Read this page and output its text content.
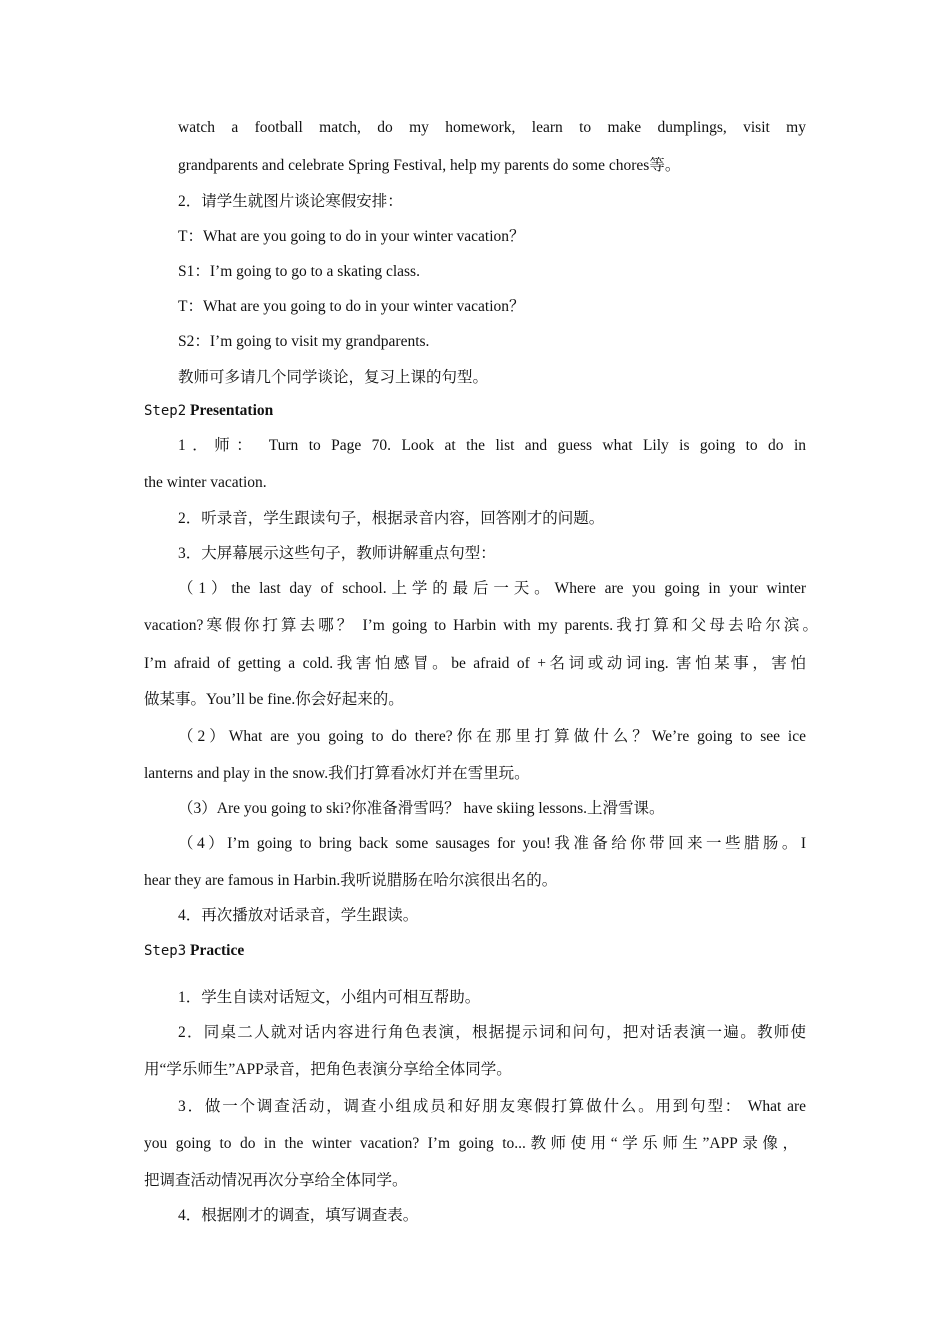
watch a football match, do my homework, learn to make dumplings, visit my
grandparents and celebrate Spring Festival, help my parents do some chores等。
2．请学生就图片谈论寒假安排：
T：What are you going to do in your winter vacation？
S1：I’m going to go to a skating class.
T：What are you going to do in your winter vacation？
S2：I’m going to visit my grandparents.
教师可多请几个同学谈论，复习上课的句型。
Step2 Presentation
1．师： Turn to Page 70. Look at the list and guess what Lily is going to do in
the winter vacation.
2．听录音，学生跟读句子，根据录音内容，回答刚才的问题。
3．大屏幕展示这些句子，教师讲解重点句型：
（1）the last day of school.上学的最后一天。Where are you going in your winter
vacation?寒假你打算去哪？ I’m going to Harbin with my parents.我打算和父母去哈尔滨。
I’m afraid of getting a cold.我害怕感冒。be afraid of +名词或动词ing. 害怕某事，害怕
做某事。You’ll be fine.你会好起来的。
（2）What are you going to do there?你在那里打算做什么？We’re going to see ice
lanterns and play in the snow.我们打算看冰灯并在雪里玩。
（3）Are you going to ski?你准备滑雪吗？ have skiing lessons.上滑雪课。
（4）I’m going to bring back some sausages for you!我准备给你带回来一些腊肠。I
hear they are famous in Harbin.我听说腊肠在哈尔滨很出名的。
4．再次播放对话录音，学生跟读。
Step3 Practice
1．学生自读对话短文，小组内可相互帮助。
2．同桌二人就对话内容进行角色表演，根据提示词和问句，把对话表演一遍。教师使
用“学乐师生”APP录音，把角色表演分享给全体同学。
3．做一个调查活动，调查小组成员和好朋友寒假打算做什么。用到句型： What are
you going to do in the winter vacation? I’m going to...教师使用“学乐师生”APP录像，
把调查活动情况再次分享给全体同学。
4．根据刚才的调查，填写调查表。
